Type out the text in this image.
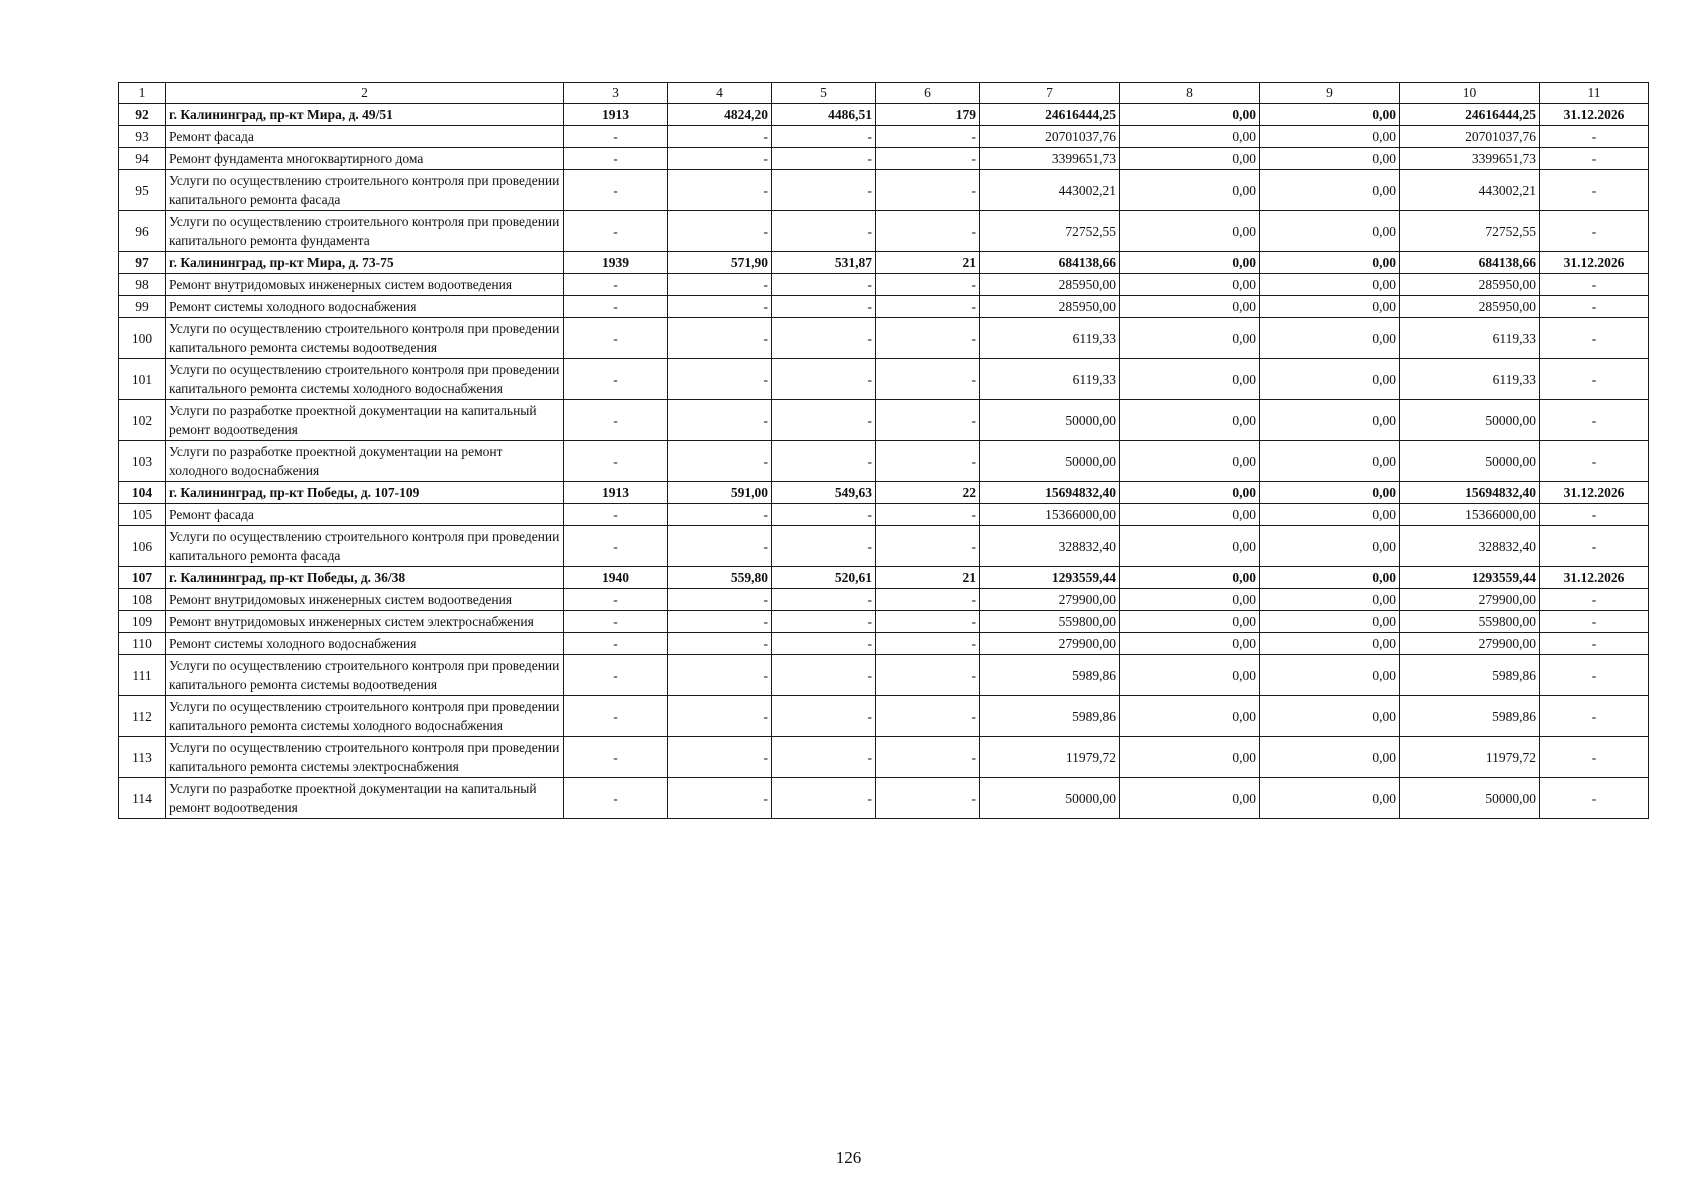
1	2	3	4	5	6	7	8	9	10	11
92	г. Калининград, пр-кт Мира, д. 49/51	1913	4824,20	4486,51	179	24616444,25	0,00	0,00	24616444,25	31.12.2026
93	Ремонт фасада	-	-	-	-	20701037,76	0,00	0,00	20701037,76	-
94	Ремонт фундамента многоквартирного дома	-	-	-	-	3399651,73	0,00	0,00	3399651,73	-
95	Услуги по осуществлению строительного контроля при проведении капитального ремонта фасада	-	-	-	-	443002,21	0,00	0,00	443002,21	-
96	Услуги по осуществлению строительного контроля при проведении капитального ремонта фундамента	-	-	-	-	72752,55	0,00	0,00	72752,55	-
97	г. Калининград, пр-кт Мира, д. 73-75	1939	571,90	531,87	21	684138,66	0,00	0,00	684138,66	31.12.2026
98	Ремонт внутридомовых инженерных систем водоотведения	-	-	-	-	285950,00	0,00	0,00	285950,00	-
99	Ремонт системы холодного водоснабжения	-	-	-	-	285950,00	0,00	0,00	285950,00	-
100	Услуги по осуществлению строительного контроля при проведении капитального ремонта системы водоотведения	-	-	-	-	6119,33	0,00	0,00	6119,33	-
101	Услуги по осуществлению строительного контроля при проведении капитального ремонта системы холодного водоснабжения	-	-	-	-	6119,33	0,00	0,00	6119,33	-
102	Услуги по разработке проектной документации на капитальный ремонт водоотведения	-	-	-	-	50000,00	0,00	0,00	50000,00	-
103	Услуги по разработке проектной документации на ремонт холодного водоснабжения	-	-	-	-	50000,00	0,00	0,00	50000,00	-
104	г. Калининград, пр-кт Победы, д. 107-109	1913	591,00	549,63	22	15694832,40	0,00	0,00	15694832,40	31.12.2026
105	Ремонт фасада	-	-	-	-	15366000,00	0,00	0,00	15366000,00	-
106	Услуги по осуществлению строительного контроля при проведении капитального ремонта фасада	-	-	-	-	328832,40	0,00	0,00	328832,40	-
107	г. Калининград, пр-кт Победы, д. 36/38	1940	559,80	520,61	21	1293559,44	0,00	0,00	1293559,44	31.12.2026
108	Ремонт внутридомовых инженерных систем водоотведения	-	-	-	-	279900,00	0,00	0,00	279900,00	-
109	Ремонт внутридомовых инженерных систем электроснабжения	-	-	-	-	559800,00	0,00	0,00	559800,00	-
110	Ремонт системы холодного водоснабжения	-	-	-	-	279900,00	0,00	0,00	279900,00	-
111	Услуги по осуществлению строительного контроля при проведении капитального ремонта системы водоотведения	-	-	-	-	5989,86	0,00	0,00	5989,86	-
112	Услуги по осуществлению строительного контроля при проведении капитального ремонта системы холодного водоснабжения	-	-	-	-	5989,86	0,00	0,00	5989,86	-
113	Услуги по осуществлению строительного контроля при проведении капитального ремонта системы электроснабжения	-	-	-	-	11979,72	0,00	0,00	11979,72	-
114	Услуги по разработке проектной документации на капитальный ремонт водоотведения	-	-	-	-	50000,00	0,00	0,00	50000,00	-
126
